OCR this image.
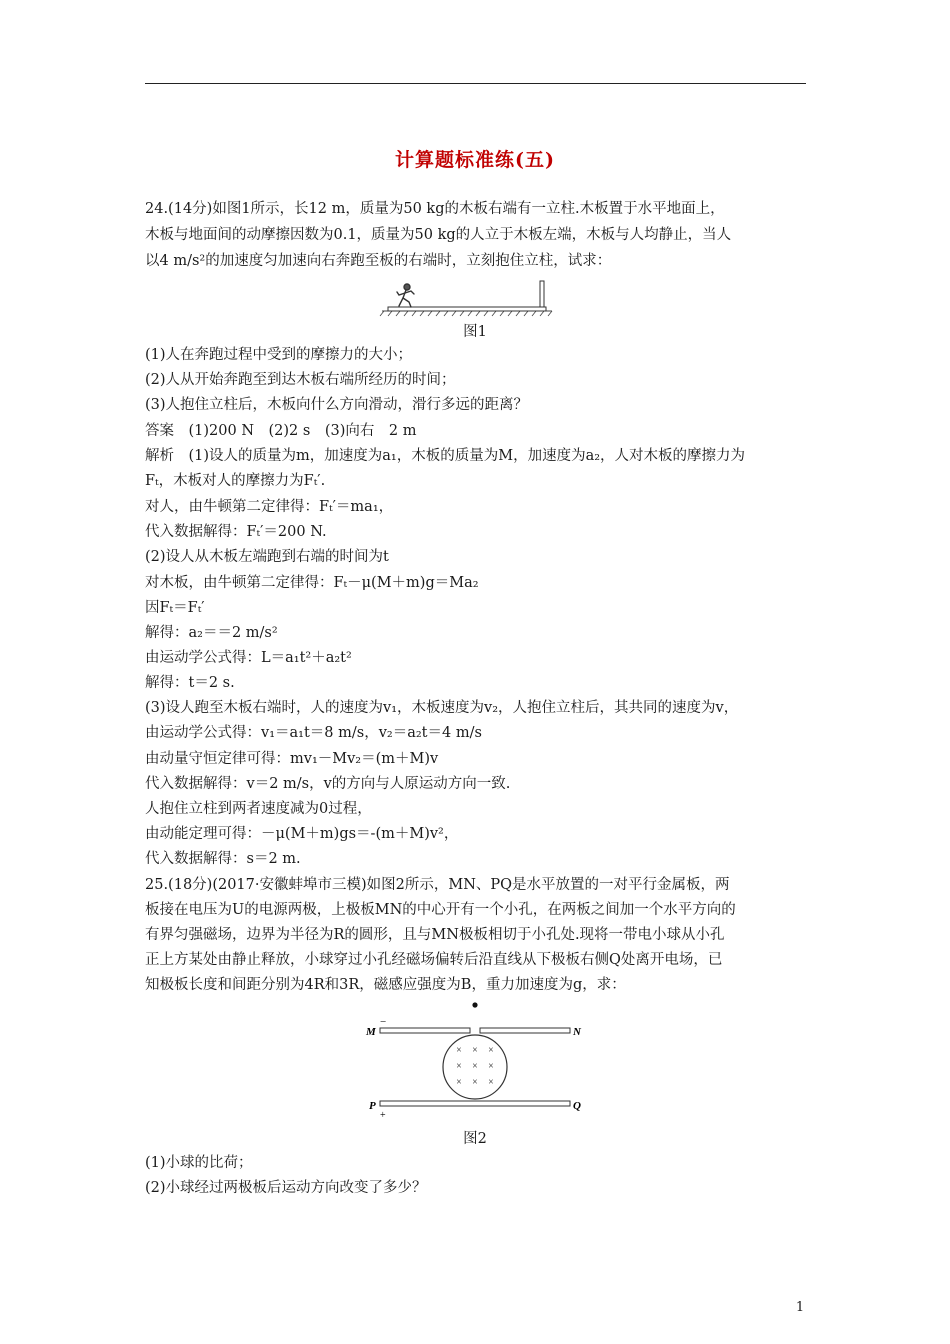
计算题标准练(五)
24.(14分)如图1所示，长12 m，质量为50 kg的木板右端有一立柱.木板置于水平地面上，
木板与地面间的动摩擦因数为0.1，质量为50 kg的人立于木板左端，木板与人均静止，当人
以4 m/s²的加速度匀加速向右奔跑至板的右端时，立刻抱住立柱，试求：
图1
(1)人在奔跑过程中受到的摩擦力的大小；
(2)人从开始奔跑至到达木板右端所经历的时间；
(3)人抱住立柱后，木板向什么方向滑动，滑行多远的距离？
答案　(1)200 N　(2)2 s　(3)向右　2 m
解析　(1)设人的质量为m，加速度为a₁，木板的质量为M，加速度为a₂，人对木板的摩擦力为
Fₜ，木板对人的摩擦力为Fₜ′.
对人，由牛顿第二定律得：Fₜ′＝ma₁，
代入数据解得：Fₜ′＝200 N.
(2)设人从木板左端跑到右端的时间为t
对木板，由牛顿第二定律得：Fₜ－μ(M＋m)g＝Ma₂
因Fₜ＝Fₜ′
解得：a₂＝＝2 m/s²
由运动学公式得：L＝a₁t²＋a₂t²
解得：t＝2 s.
(3)设人跑至木板右端时，人的速度为v₁，木板速度为v₂，人抱住立柱后，其共同的速度为v，
由运动学公式得：v₁＝a₁t＝8 m/s，v₂＝a₂t＝4 m/s
由动量守恒定律可得：mv₁－Mv₂＝(m＋M)v
代入数据解得：v＝2 m/s，v的方向与人原运动方向一致.
人抱住立柱到两者速度减为0过程，
由动能定理可得：－μ(M＋m)gs＝-(m＋M)v²，
代入数据解得：s＝2 m.
25.(18分)(2017·安徽蚌埠市三模)如图2所示，MN、PQ是水平放置的一对平行金属板，两
板接在电压为U的电源两极，上极板MN的中心开有一个小孔，在两板之间加一个水平方向的
有界匀强磁场，边界为半径为R的圆形，且与MN极板相切于小孔处.现将一带电小球从小孔
正上方某处由静止释放，小球穿过小孔经磁场偏转后沿直线从下极板右侧Q处离开电场，已
知极板长度和间距分别为4R和3R，磁感应强度为B，重力加速度为g，求：
M	N
P	Q
−
+
× × ×
× × ×
× × ×
图2
(1)小球的比荷；
(2)小球经过两极板后运动方向改变了多少？
1
